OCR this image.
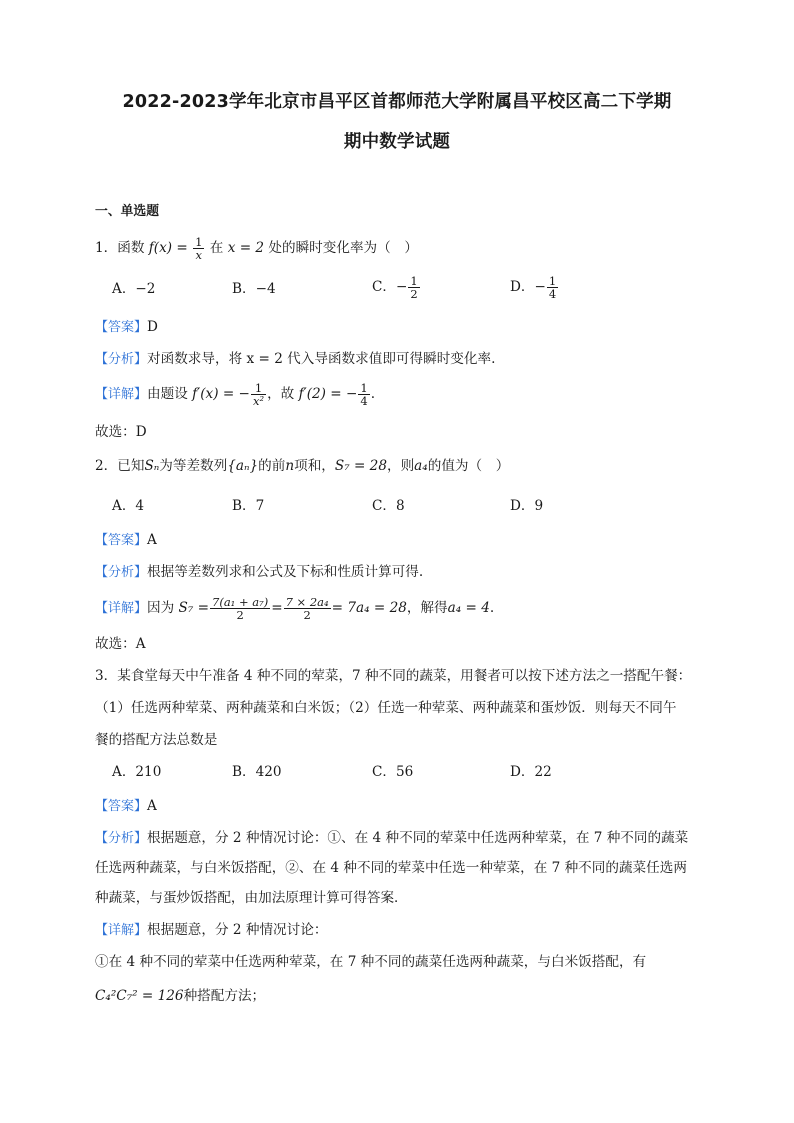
2022-2023学年北京市昌平区首都师范大学附属昌平校区高二下学期
期中数学试题
一、单选题
1．函数 $f(x) = \frac{1}{x}$ 在 x = 2 处的瞬时变化率为（　）
A．−2	B．−4	C．− $\frac{1}{2}$	D．− $\frac{1}{4}$
【答案】D
【分析】对函数求导，将 x = 2 代入导函数求值即可得瞬时变化率.
【详解】由题设 f′(x) = − $\frac{1}{\text{x²}}$ ，故 f′(2) = − $\frac{1}{4}$ .
故选：D
2．已知Sₙ为等差数列{aₙ}的前n项和，S₇ = 28，则a₄的值为（　）
A．4	B．7	C．8	D．9
【答案】A
【分析】根据等差数列求和公式及下标和性质计算可得.
【详解】因为 $S_7 = \frac{\text{7(a₁ + a₇)}}{2} = \frac{\text{7 × 2a₄}}{2} = 7a_4 = 28$，解得a₄ = 4.
故选：A
3．某食堂每天中午准备 4 种不同的荤菜，7 种不同的蔬菜，用餐者可以按下述方法之一搭配午餐：
（1）任选两种荤菜、两种蔬菜和白米饭；（2）任选一种荤菜、两种蔬菜和蛋炒饭．则每天不同午
餐的搭配方法总数是
A．210	B．420	C．56	D．22
【答案】A
【分析】根据题意，分 2 种情况讨论：①、在 4 种不同的荤菜中任选两种荤菜，在 7 种不同的蔬菜
任选两种蔬菜，与白米饭搭配，②、在 4 种不同的荤菜中任选一种荤菜，在 7 种不同的蔬菜任选两
种蔬菜，与蛋炒饭搭配，由加法原理计算可得答案．
【详解】根据题意，分 2 种情况讨论：
①在 4 种不同的荤菜中任选两种荤菜，在 7 种不同的蔬菜任选两种蔬菜，与白米饭搭配，有
C₄²C₇² = 126种搭配方法；
